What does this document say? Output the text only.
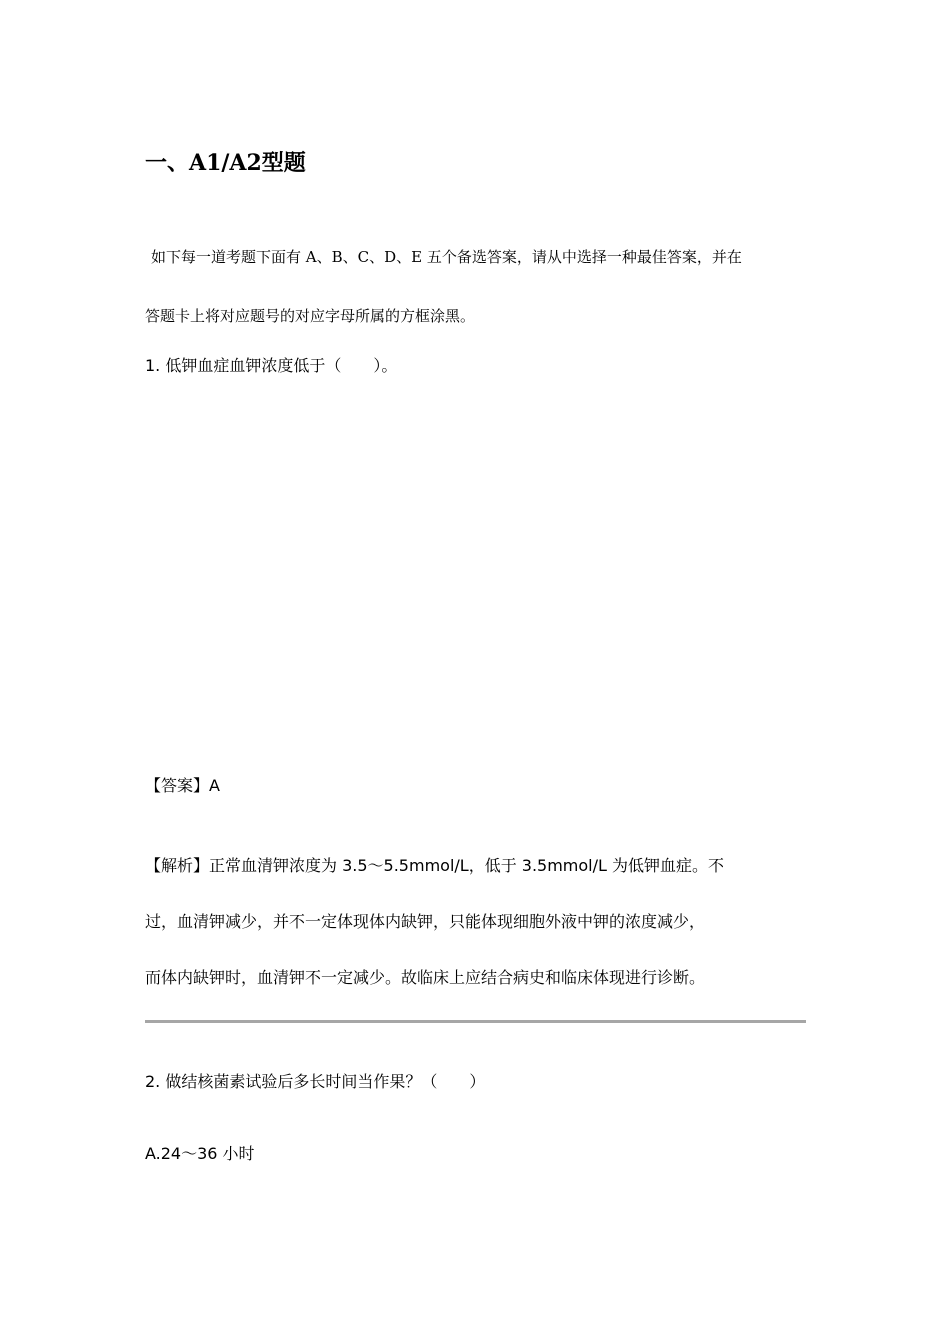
一、A1/A2型题
如下每一道考题下面有 A、B、C、D、E 五个备选答案，请从中选择一种最佳答案，并在
答题卡上将对应题号的对应字母所属的方框涂黑。
1. 低钾血症血钾浓度低于（　　）。
【答案】A
【解析】正常血清钾浓度为 3.5～5.5mmol/L，低于 3.5mmol/L 为低钾血症。不
过，血清钾减少，并不一定体现体内缺钾，只能体现细胞外液中钾的浓度减少，
而体内缺钾时，血清钾不一定减少。故临床上应结合病史和临床体现进行诊断。
2. 做结核菌素试验后多长时间当作果？（　　）
A.24～36 小时
